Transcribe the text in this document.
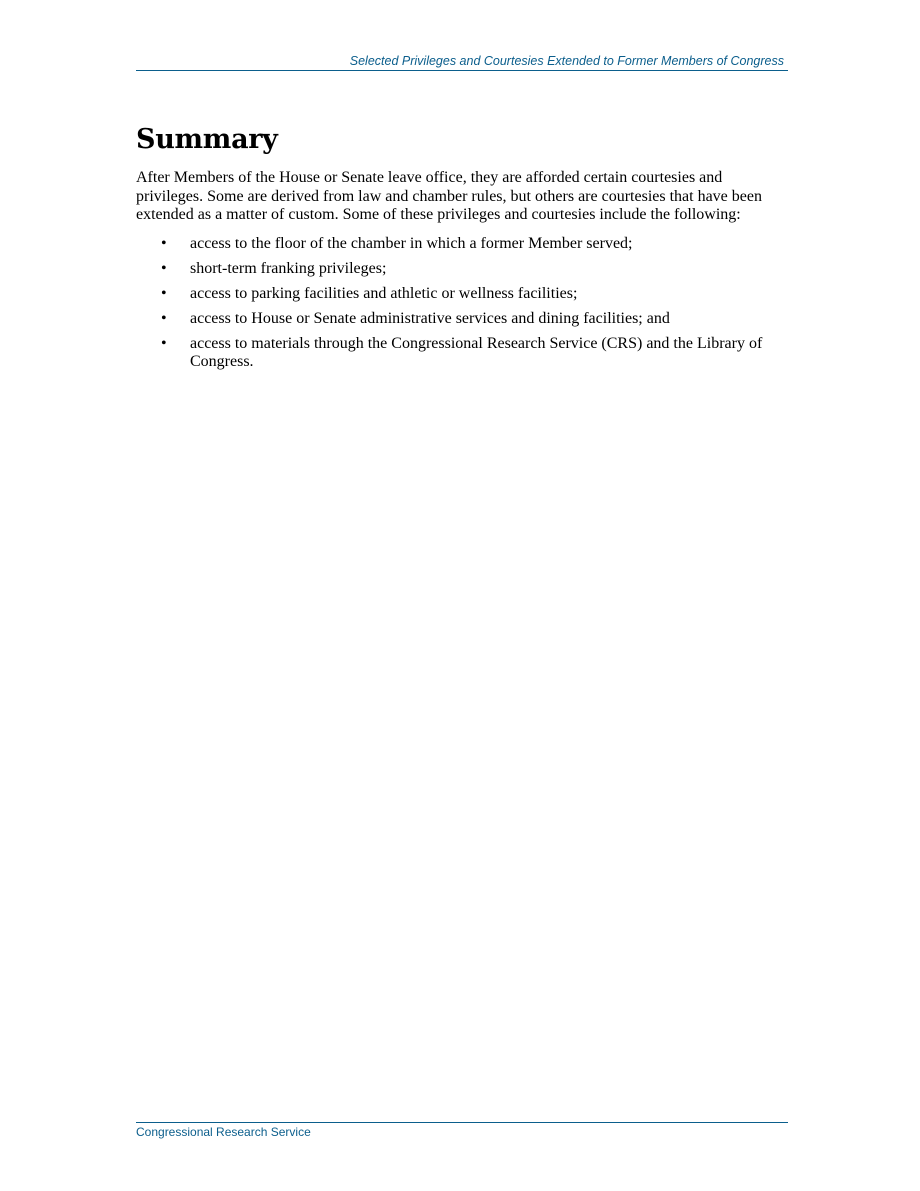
Selected Privileges and Courtesies Extended to Former Members of Congress
Summary

After Members of the House or Senate leave office, they are afforded certain courtesies and privileges. Some are derived from law and chamber rules, but others are courtesies that have been extended as a matter of custom. Some of these privileges and courtesies include the following:

• access to the floor of the chamber in which a former Member served;
• short-term franking privileges;
• access to parking facilities and athletic or wellness facilities;
• access to House or Senate administrative services and dining facilities; and
• access to materials through the Congressional Research Service (CRS) and the Library of Congress.
Congressional Research Service
